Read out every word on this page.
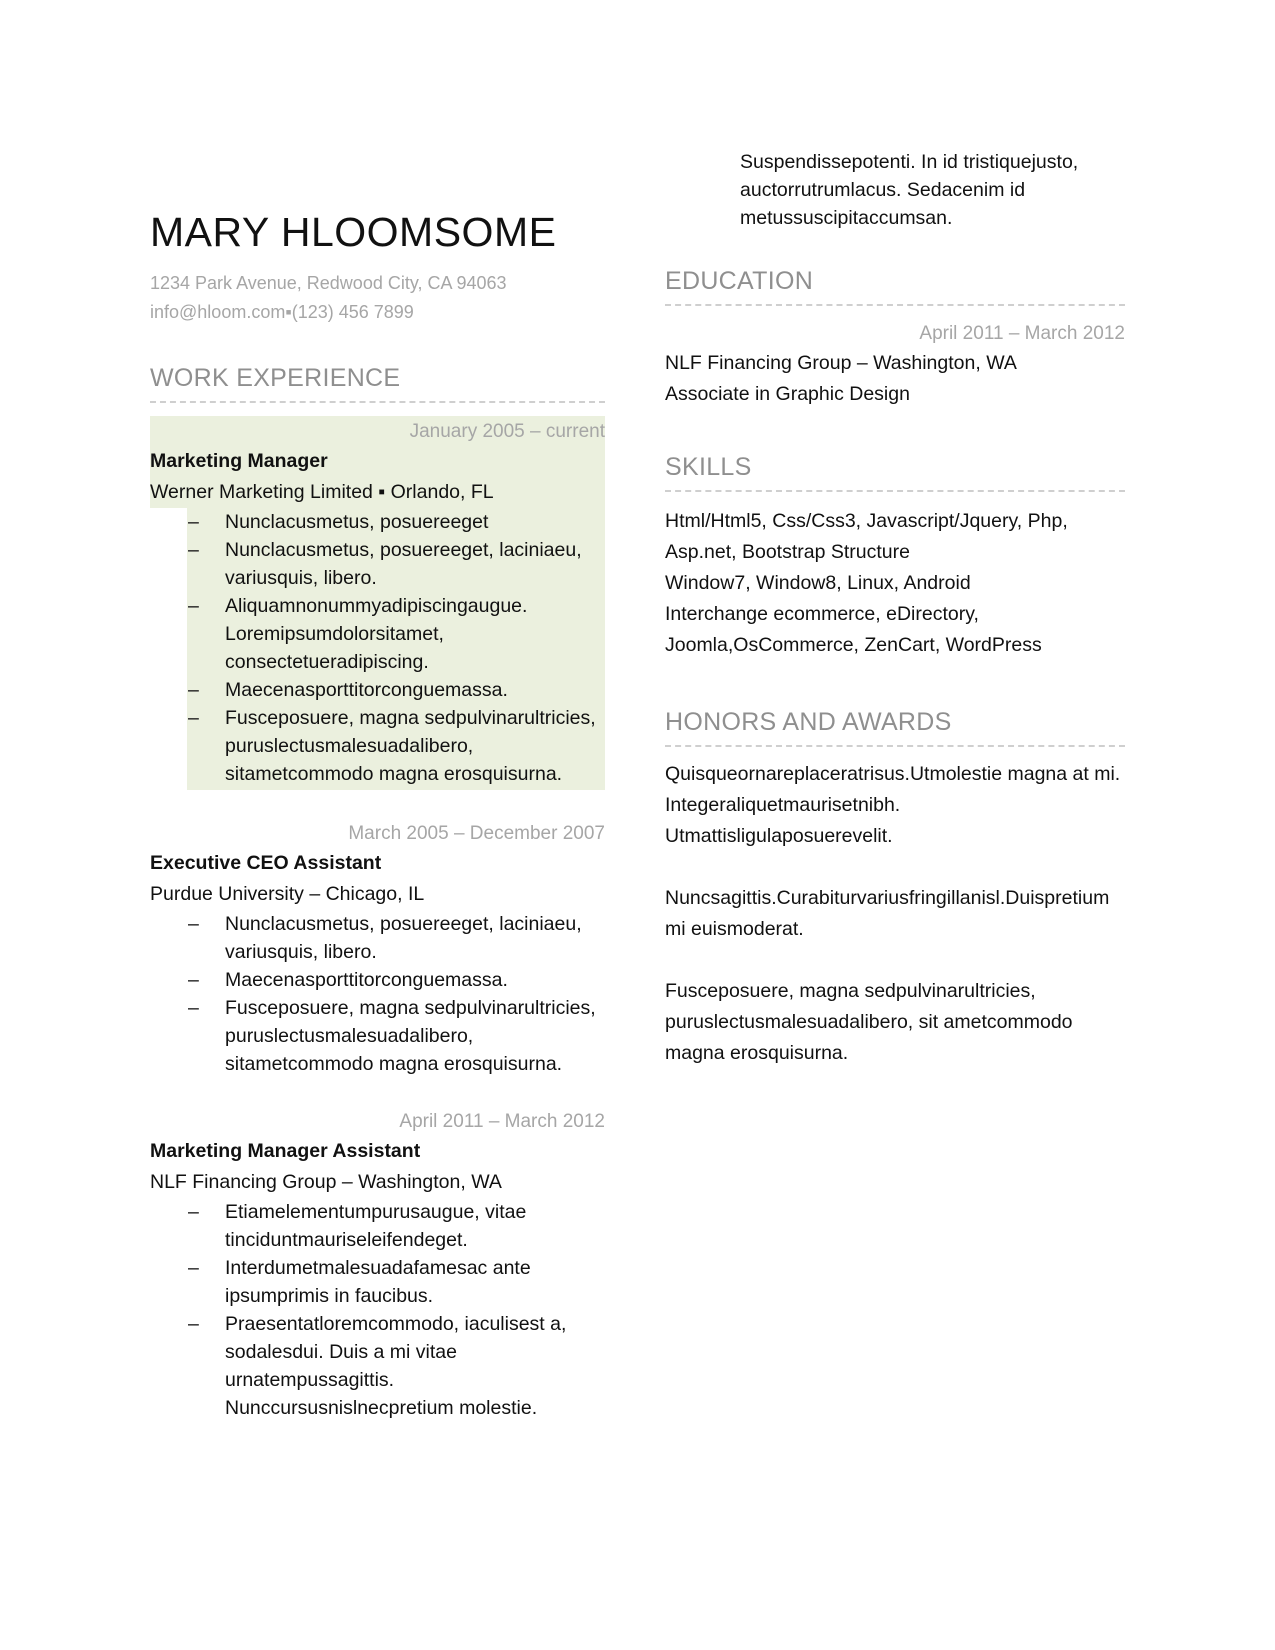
MARY HLOOMSOME
1234 Park Avenue, Redwood City, CA 94063
info@hloom.com▪(123) 456 7899
WORK EXPERIENCE
January 2005 – current
Marketing Manager
Werner Marketing Limited ▪ Orlando, FL
– Nunclacusmetus, posuereeget
– Nunclacusmetus, posuereeget, laciniaeu, variusquis, libero.
– Aliquamnonummyadipiscingaugue. Loremipsumdolorsitamet, consectetueradipiscing.
– Maecenasporttitorconguemassa.
– Fusceposuere, magna sedpulvinarultricies, puruslectusmalesuadalibero, sitametcommodo magna erosquisurna.
March 2005 – December 2007
Executive CEO Assistant
Purdue University – Chicago, IL
– Nunclacusmetus, posuereeget, laciniaeu, variusquis, libero.
– Maecenasporttitorconguemassa.
– Fusceposuere, magna sedpulvinarultricies, puruslectusmalesuadalibero, sitametcommodo magna erosquisurna.
April 2011 – March 2012
Marketing Manager Assistant
NLF Financing Group – Washington, WA
– Etiamelementumpurusaugue, vitae tinciduntmauriseleifendeget.
– Interdumetmalesuadafamesac ante ipsumprimis in faucibus.
– Praesentatloremcommodo, iaculisest a, sodalesdui. Duis a mi vitae urnatempussagittis. Nunccursusnislnecpretium molestie.
Suspendissepotenti. In id tristiquejusto, auctorrutrumlacus. Sedacenim id metussuscipitaccumsan.
EDUCATION
April 2011 – March 2012
NLF Financing Group – Washington, WA
Associate in Graphic Design
SKILLS
Html/Html5, Css/Css3, Javascript/Jquery, Php, Asp.net, Bootstrap Structure
Window7, Window8, Linux, Android
Interchange ecommerce, eDirectory, Joomla,OsCommerce, ZenCart, WordPress
HONORS AND AWARDS

Quisqueornareplaceratrisus.Utmolestie magna at mi. Integeraliquetmaurisetnibh. Utmattisligulaposuerevelit.

Nuncsagittis.Curabiturvariusfringillanisl.Duispretium mi euismoderat.

Fusceposuere, magna sedpulvinarultricies, puruslectusmalesuadalibero, sit ametcommodo magna erosquisurna.
